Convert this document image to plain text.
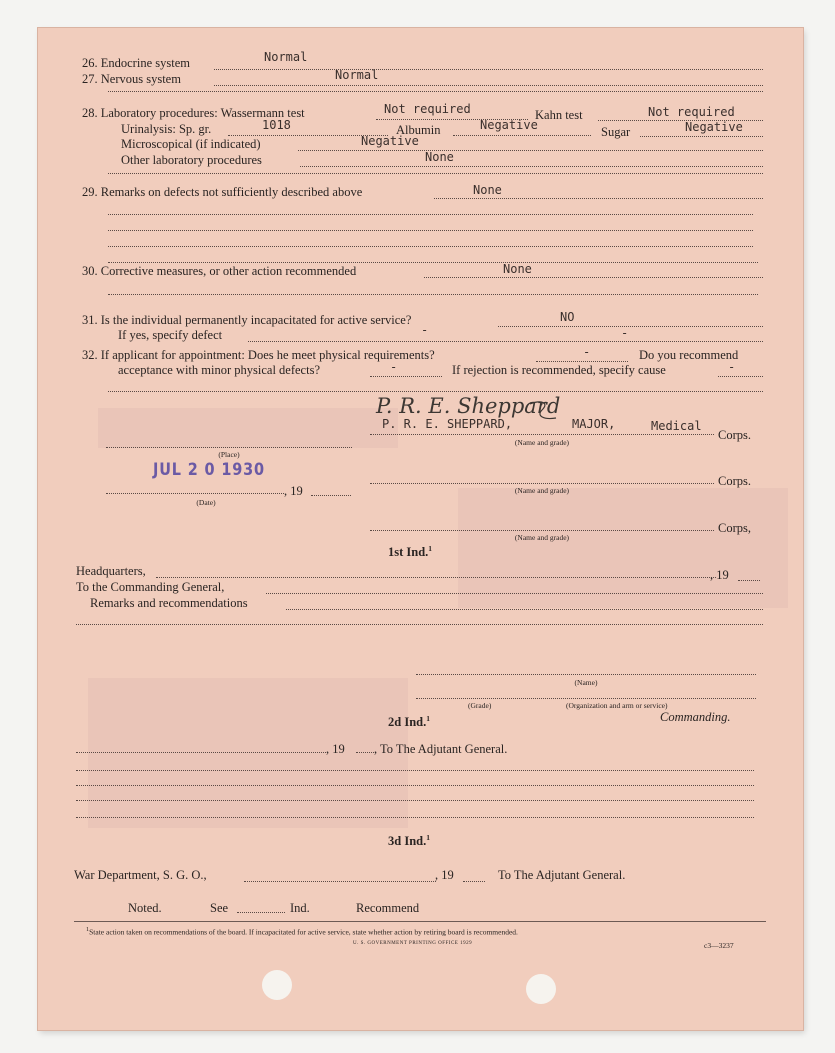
26. Endocrine system	Normal
27. Nervous system	Normal
28. Laboratory procedures: Wassermann test	Not required	Kahn test	Not required
Urinalysis: Sp. gr.	1018	Albumin	Negative	Sugar	Negative
Microscopical (if indicated)	Negative
Other laboratory procedures	None
29. Remarks on defects not sufficiently described above	None
30. Corrective measures, or other action recommended	None
31. Is the individual permanently incapacitated for active service?	NO
If yes, specify defect	-	-
32. If applicant for appointment: Does he meet physical requirements?	-	Do you recommend
acceptance with minor physical defects?	-	If rejection is recommended, specify cause	-
P. R. E. Sheppard
P. R. E. SHEPPARD,	MAJOR,	Medical
Corps.
(Place)
(Name and grade)
JUL 2 0 1930
, 19
(Date)
Corps.
(Name and grade)
Corps,
(Name and grade)
1st Ind.$^1$
Headquarters,	, 19
To the Commanding General,
Remarks and recommendations
(Name)
(Grade)	(Organization and arm or service)
Commanding.
2d Ind.$^1$
, 19 , To The Adjutant General.
3d Ind.$^1$
War Department, S. G. O.,	, 19	To The Adjutant General.
Noted.	See	Ind.	Recommend
$^1$State action taken on recommendations of the board. If incapacitated for active service, state whether action by retiring board is recommended.
U. S. GOVERNMENT PRINTING OFFICE 1929	c3—3237
